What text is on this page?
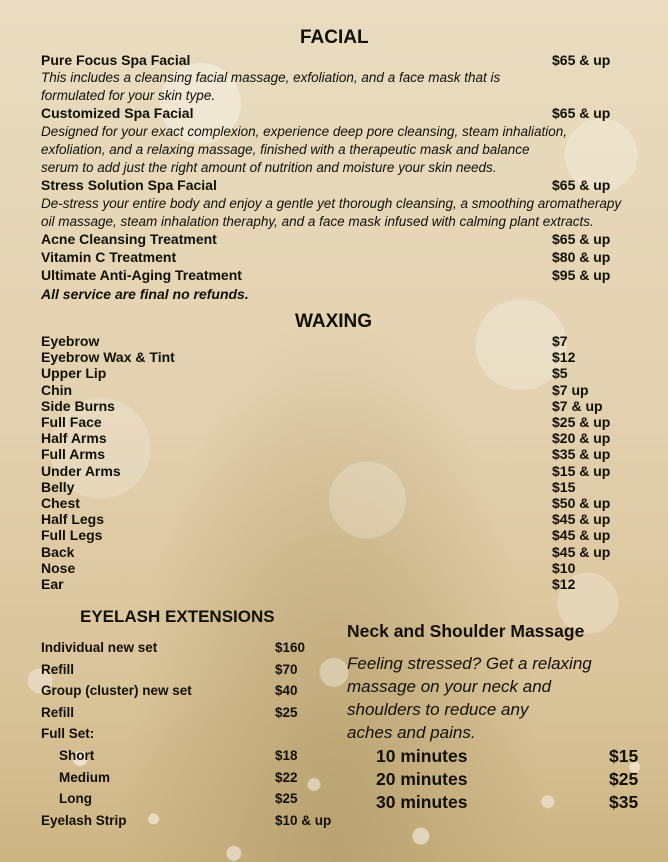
FACIAL
Pure Focus Spa Facial	$65 & up
This includes a cleansing facial massage, exfoliation, and a face mask that is
formulated for your skin type.
Customized Spa Facial	$65 & up
Designed for your exact complexion, experience deep pore cleansing, steam inhaliation,
exfoliation, and a relaxing massage, finished with a therapeutic mask and balance
serum to add just the right amount of nutrition and moisture your skin needs.
Stress Solution Spa Facial	$65 & up
De-stress your entire body and enjoy a gentle yet thorough cleansing, a smoothing aromatherapy
oil massage, steam inhalation theraphy, and a face mask infused with calming plant extracts.
Acne Cleansing Treatment	$65 & up
Vitamin C Treatment	$80 & up
Ultimate Anti-Aging Treatment	$95 & up
All service are final no refunds.
WAXING
Eyebrow	$7
Eyebrow Wax & Tint	$12
Upper Lip	$5
Chin	$7 up
Side Burns	$7 & up
Full Face	$25 & up
Half Arms	$20 & up
Full Arms	$35 & up
Under Arms	$15 & up
Belly	$15
Chest	$50 & up
Half Legs	$45 & up
Full Legs	$45 & up
Back	$45 & up
Nose	$10
Ear	$12
EYELASH EXTENSIONS
Individual new set	$160
Refill	$70
Group (cluster) new set	$40
Refill	$25
Full Set:
Short	$18
Medium	$22
Long	$25
Eyelash Strip	$10 & up
Neck and Shoulder Massage
Feeling stressed? Get a relaxing
massage on your neck and
shoulders to reduce any
aches and pains.
10 minutes	$15
20 minutes	$25
30 minutes	$35
